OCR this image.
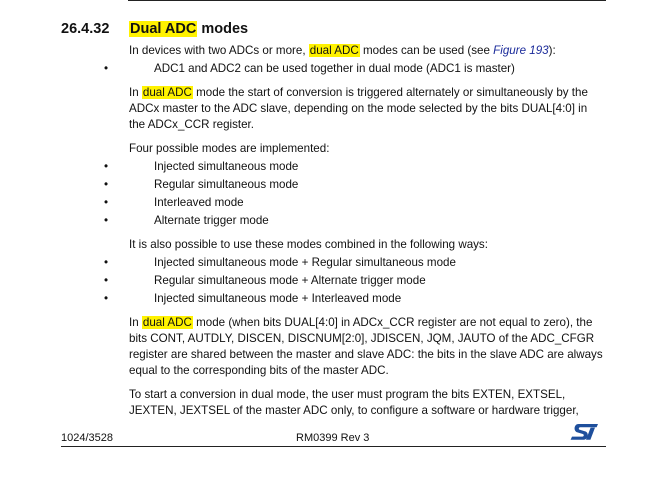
26.4.32 Dual ADC modes

In devices with two ADCs or more, dual ADC modes can be used (see Figure 193):

•	ADC1 and ADC2 can be used together in dual mode (ADC1 is master)

In dual ADC mode the start of conversion is triggered alternately or simultaneously by the ADCx master to the ADC slave, depending on the mode selected by the bits DUAL[4:0] in the ADCx_CCR register.

Four possible modes are implemented:

•	Injected simultaneous mode
•	Regular simultaneous mode
•	Interleaved mode
•	Alternate trigger mode

It is also possible to use these modes combined in the following ways:

•	Injected simultaneous mode + Regular simultaneous mode
•	Regular simultaneous mode + Alternate trigger mode
•	Injected simultaneous mode + Interleaved mode

In dual ADC mode (when bits DUAL[4:0] in ADCx_CCR register are not equal to zero), the bits CONT, AUTDLY, DISCEN, DISCNUM[2:0], JDISCEN, JQM, JAUTO of the ADC_CFGR register are shared between the master and slave ADC: the bits in the slave ADC are always equal to the corresponding bits of the master ADC.

To start a conversion in dual mode, the user must program the bits EXTEN, EXTSEL, JEXTEN, JEXTSEL of the master ADC only, to configure a software or hardware trigger,

1024/3528	RM0399 Rev 3
